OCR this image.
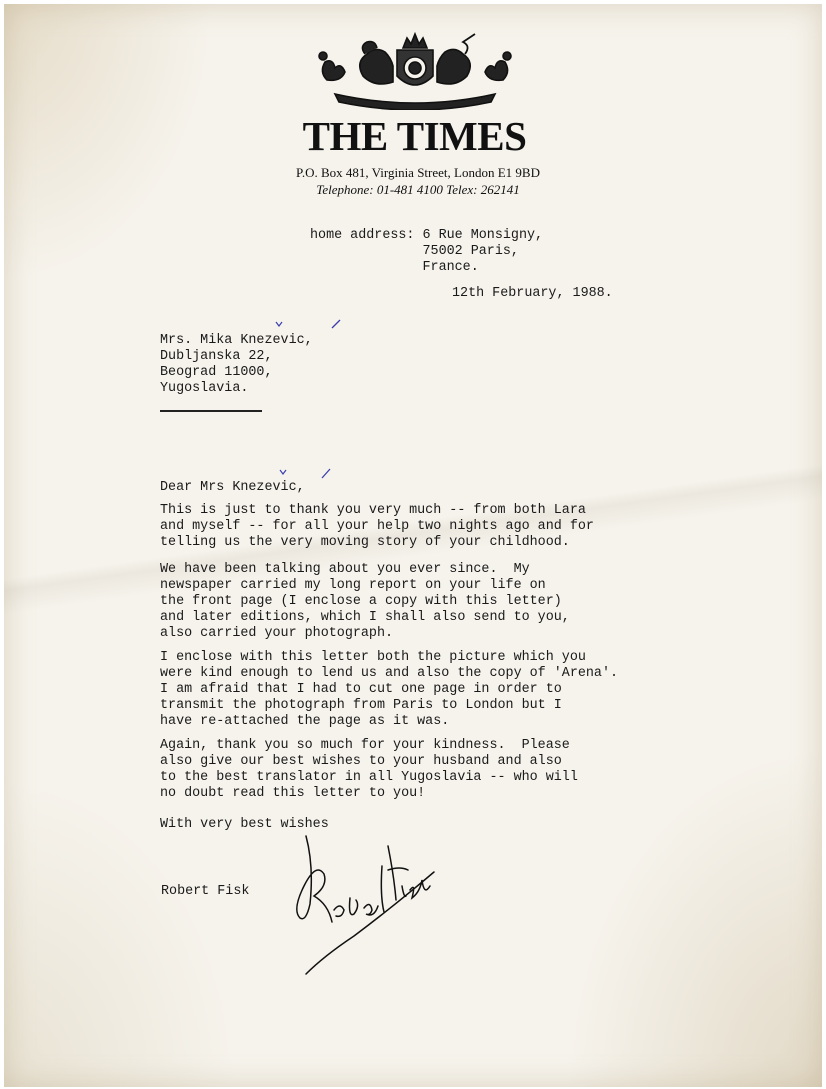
THE TIMES
P.O. Box 481, Virginia Street, London E1 9BD
Telephone: 01-481 4100 Telex: 262141
home address: 6 Rue Monsigny,
75002 Paris,
France.
12th February, 1988.
Mrs. Mika Knezevic,
Dubljanska 22,
Beograd 11000,
Yugoslavia.
Dear Mrs Knezevic,
This is just to thank you very much -- from both Lara
and myself -- for all your help two nights ago and for
telling us the very moving story of your childhood.
We have been talking about you ever since.  My
newspaper carried my long report on your life on
the front page (I enclose a copy with this letter)
and later editions, which I shall also send to you,
also carried your photograph.
I enclose with this letter both the picture which you
were kind enough to lend us and also the copy of 'Arena'.
I am afraid that I had to cut one page in order to
transmit the photograph from Paris to London but I
have re-attached the page as it was.
Again, thank you so much for your kindness.  Please
also give our best wishes to your husband and also
to the best translator in all Yugoslavia -- who will
no doubt read this letter to you!
With very best wishes
Robert Fisk
